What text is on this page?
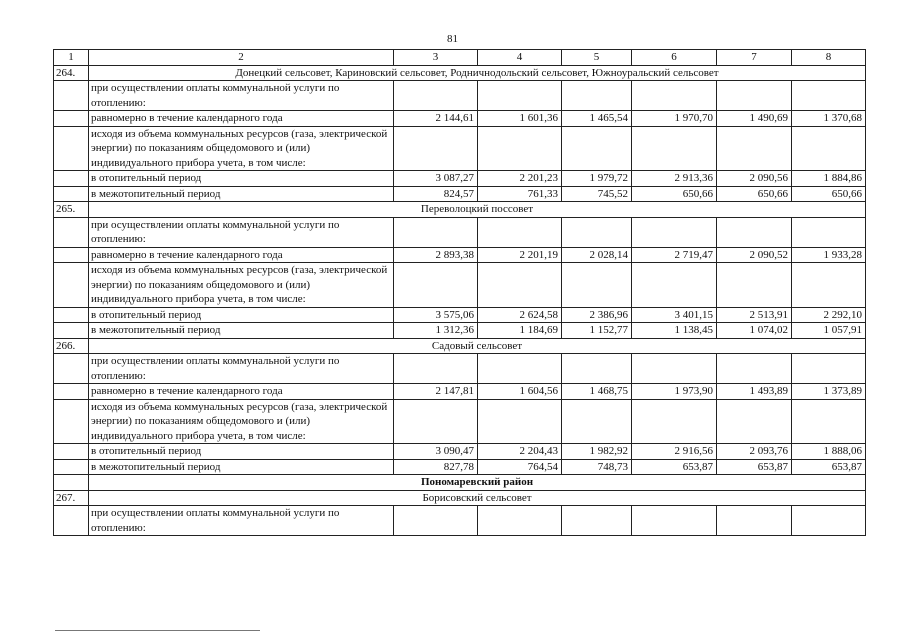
81
1	2	3	4	5	6	7	8
264.	Донецкий сельсовет, Кариновский сельсовет, Родничнодольский сельсовет, Южноуральский сельсовет						
	при осуществлении оплаты коммунальной услуги по отоплению:						
	равномерно в течение календарного года	2 144,61	1 601,36	1 465,54	1 970,70	1 490,69	1 370,68
	исходя из объема коммунальных ресурсов (газа, электрической энергии) по показаниям общедомового и (или) индивидуального прибора учета, в том числе:						
	в отопительный период	3 087,27	2 201,23	1 979,72	2 913,36	2 090,56	1 884,86
	в межотопительный период	824,57	761,33	745,52	650,66	650,66	650,66
265.	Переволоцкий поссовет						
	при осуществлении оплаты коммунальной услуги по отоплению:						
	равномерно в течение календарного года	2 893,38	2 201,19	2 028,14	2 719,47	2 090,52	1 933,28
	исходя из объема коммунальных ресурсов (газа, электрической энергии) по показаниям общедомового и (или) индивидуального прибора учета, в том числе:						
	в отопительный период	3 575,06	2 624,58	2 386,96	3 401,15	2 513,91	2 292,10
	в межотопительный период	1 312,36	1 184,69	1 152,77	1 138,45	1 074,02	1 057,91
266.	Садовый сельсовет						
	при осуществлении оплаты коммунальной услуги по отоплению:						
	равномерно в течение календарного года	2 147,81	1 604,56	1 468,75	1 973,90	1 493,89	1 373,89
	исходя из объема коммунальных ресурсов (газа, электрической энергии) по показаниям общедомового и (или) индивидуального прибора учета, в том числе:						
	в отопительный период	3 090,47	2 204,43	1 982,92	2 916,56	2 093,76	1 888,06
	в межотопительный период	827,78	764,54	748,73	653,87	653,87	653,87
	Пономаревский район						
267.	Борисовский сельсовет						
	при осуществлении оплаты коммунальной услуги по отоплению:						
